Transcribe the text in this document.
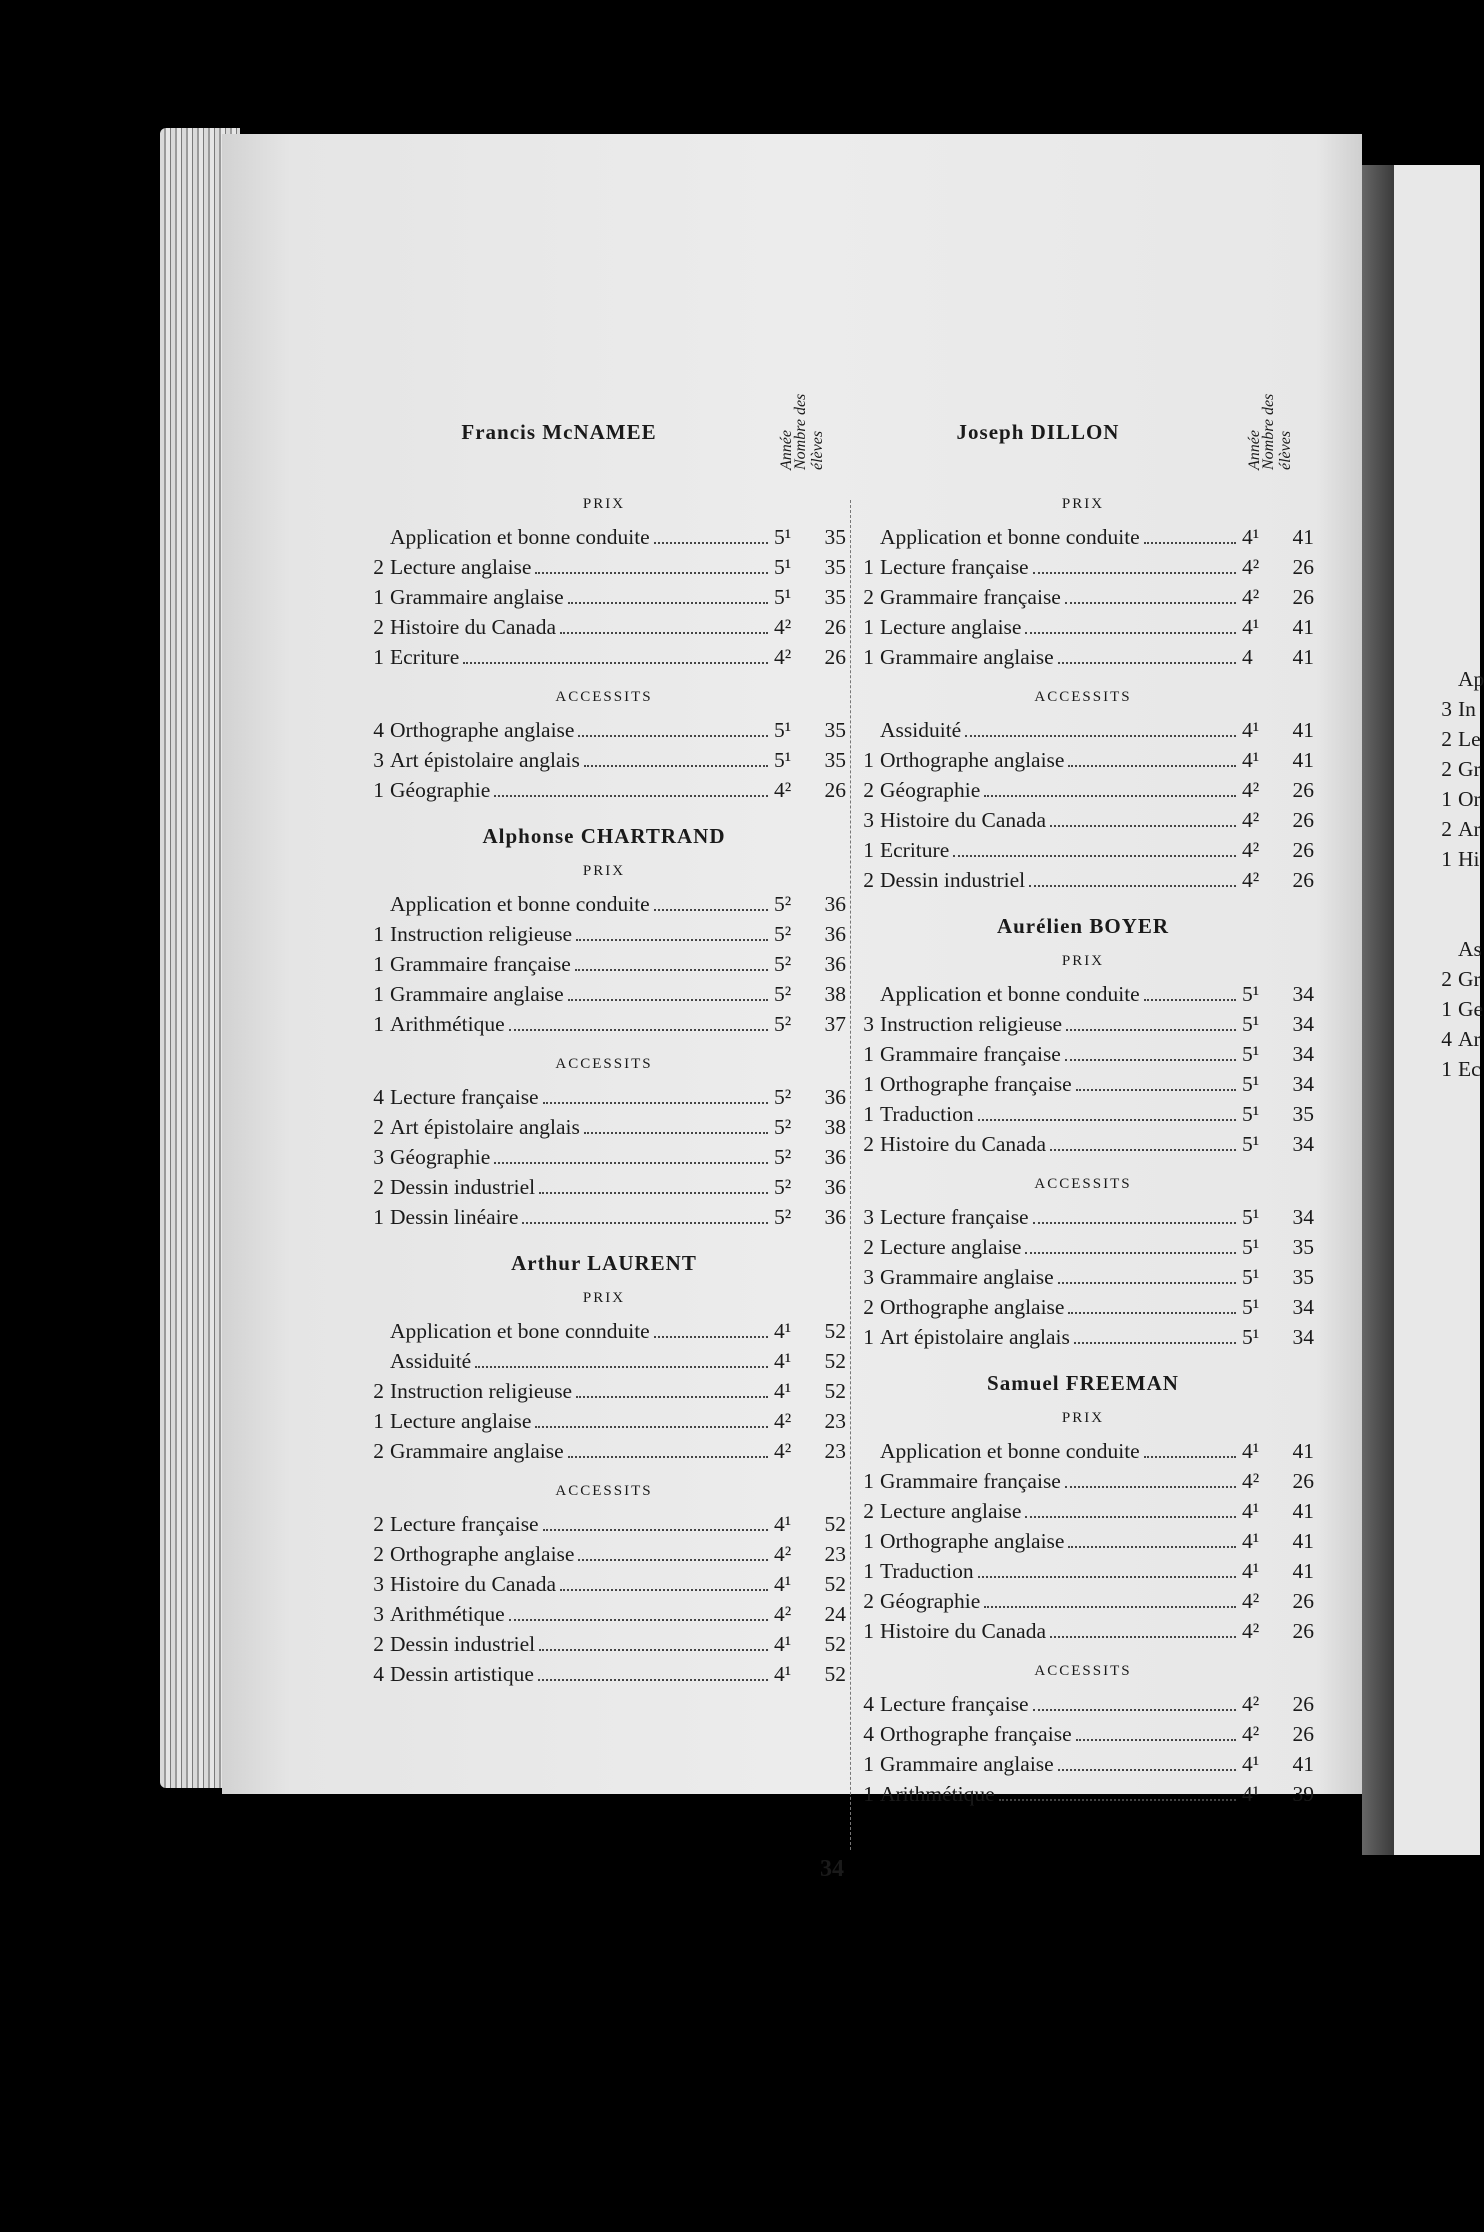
Ap
3 In
2 Le
2 Gr
1 Or
2 Ar
1 Hi
As
2 Gr
1 Ge
4 Ar
1 Ec
Francis McNAMEE	Année
Nombre des élèves
PRIX
Application et bonne conduite	5¹	35
2 Lecture anglaise	5¹	35
1 Grammaire anglaise	5¹	35
2 Histoire du Canada	4²	26
1 Ecriture	4²	26
ACCESSITS
4 Orthographe anglaise	5¹	35
3 Art épistolaire anglais	5¹	35
1 Géographie	4²	26
Alphonse CHARTRAND
PRIX
Application et bonne conduite	5²	36
1 Instruction religieuse	5²	36
1 Grammaire française	5²	36
1 Grammaire anglaise	5²	38
1 Arithmétique	5²	37
ACCESSITS
4 Lecture française	5²	36
2 Art épistolaire anglais	5²	38
3 Géographie	5²	36
2 Dessin industriel	5²	36
1 Dessin linéaire	5²	36
Arthur LAURENT
PRIX
Application et bone connduite	4¹	52
Assiduité	4¹	52
2 Instruction religieuse	4¹	52
1 Lecture anglaise	4²	23
2 Grammaire anglaise	4²	23
ACCESSITS
2 Lecture française	4¹	52
2 Orthographe anglaise	4²	23
3 Histoire du Canada	4¹	52
3 Arithmétique	4²	24
2 Dessin industriel	4¹	52
4 Dessin artistique	4¹	52
Joseph DILLON	Année
Nombre des élèves
PRIX
Application et bonne conduite	4¹	41
1 Lecture française	4²	26
2 Grammaire française	4²	26
1 Lecture anglaise	4¹	41
1 Grammaire anglaise	4	41
ACCESSITS
Assiduité	4¹	41
1 Orthographe anglaise	4¹	41
2 Géographie	4²	26
3 Histoire du Canada	4²	26
1 Ecriture	4²	26
2 Dessin industriel	4²	26
Aurélien BOYER
PRIX
Application et bonne conduite	5¹	34
3 Instruction religieuse	5¹	34
1 Grammaire française	5¹	34
1 Orthographe française	5¹	34
1 Traduction	5¹	35
2 Histoire du Canada	5¹	34
ACCESSITS
3 Lecture française	5¹	34
2 Lecture anglaise	5¹	35
3 Grammaire anglaise	5¹	35
2 Orthographe anglaise	5¹	34
1 Art épistolaire anglais	5¹	34
Samuel FREEMAN
PRIX
Application et bonne conduite	4¹	41
1 Grammaire française	4²	26
2 Lecture anglaise	4¹	41
1 Orthographe anglaise	4¹	41
1 Traduction	4¹	41
2 Géographie	4²	26
1 Histoire du Canada	4²	26
ACCESSITS
4 Lecture française	4²	26
4 Orthographe française	4²	26
1 Grammaire anglaise	4¹	41
1 Arithmétique	4¹	39
34
